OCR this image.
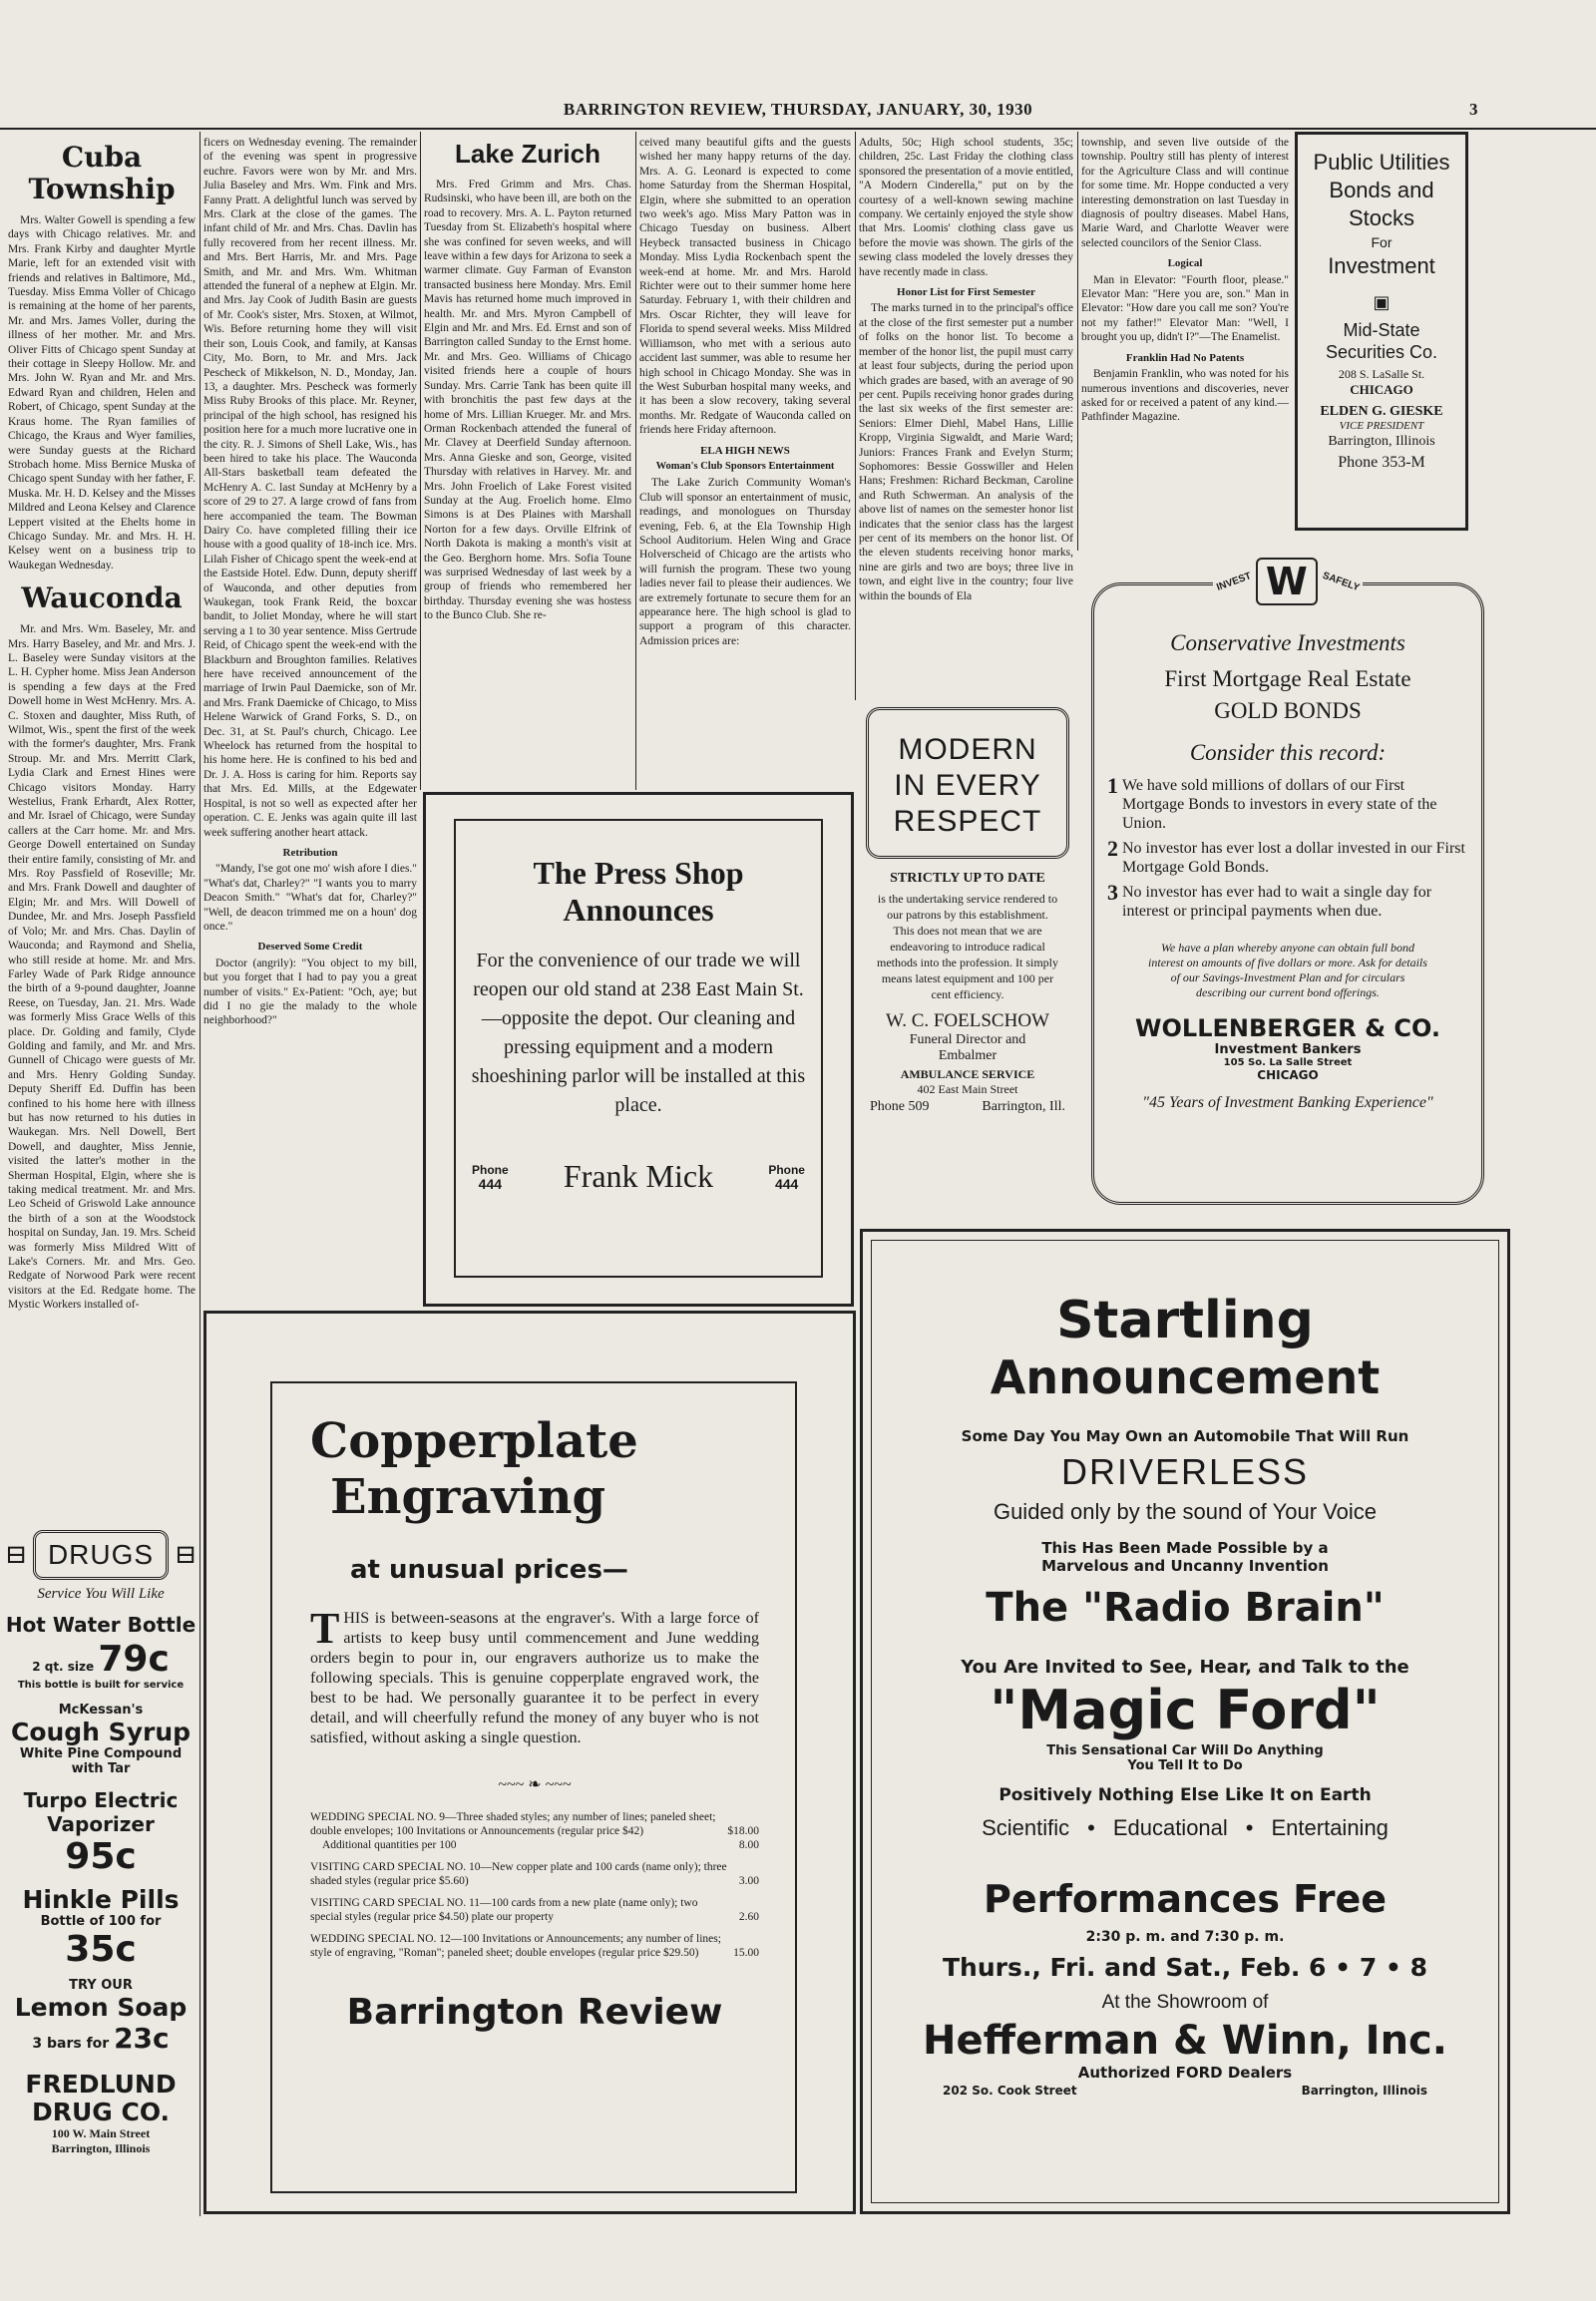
BARRINGTON REVIEW, THURSDAY, JANUARY, 30, 1930	3
Cuba Township

Mrs. Walter Gowell is spending a few days with Chicago relatives. Mr. and Mrs. Frank Kirby and daughter Myrtle Marie, left for an extended visit with friends and relatives in Baltimore, Md., Tuesday. Miss Emma Voller of Chicago is remaining at the home of her parents, Mr. and Mrs. James Voller, during the illness of her mother. Mr. and Mrs. Oliver Fitts of Chicago spent Sunday at their cottage in Sleepy Hollow. Mr. and Mrs. John W. Ryan and Mr. and Mrs. Edward Ryan and children, Helen and Robert, of Chicago, spent Sunday at the Kraus home. The Ryan families of Chicago, the Kraus and Wyer families, were Sunday guests at the Richard Strobach home. Miss Bernice Muska of Chicago spent Sunday with her father, F. Muska. Mr. H. D. Kelsey and the Misses Mildred and Leona Kelsey and Clarence Leppert visited at the Ehelts home in Chicago Sunday. Mr. and Mrs. H. H. Kelsey went on a business trip to Waukegan Wednesday.

Wauconda

Mr. and Mrs. Wm. Baseley, Mr. and Mrs. Harry Baseley, and Mr. and Mrs. J. L. Baseley were Sunday visitors at the L. H. Cypher home. Miss Jean Anderson is spending a few days at the Fred Dowell home in West McHenry. Mrs. A. C. Stoxen and daughter, Miss Ruth, of Wilmot, Wis., spent the first of the week with the former's daughter, Mrs. Frank Stroup. Mr. and Mrs. Merritt Clark, Lydia Clark and Ernest Hines were Chicago visitors Monday. Harry Westelius, Frank Erhardt, Alex Rotter, and Mr. Israel of Chicago, were Sunday callers at the Carr home. Mr. and Mrs. George Dowell entertained on Sunday their entire family, consisting of Mr. and Mrs. Roy Passfield of Roseville; Mr. and Mrs. Frank Dowell and daughter of Elgin; Mr. and Mrs. Will Dowell of Dundee, Mr. and Mrs. Joseph Passfield of Volo; Mr. and Mrs. Chas. Daylin of Wauconda; and Raymond and Shelia, who still reside at home. Mr. and Mrs. Farley Wade of Park Ridge announce the birth of a 9-pound daughter, Joanne Reese, on Tuesday, Jan. 21. Mrs. Wade was formerly Miss Grace Wells of this place. Dr. Golding and family, Clyde Golding and family, and Mr. and Mrs. Gunnell of Chicago were guests of Mr. and Mrs. Henry Golding Sunday. Deputy Sheriff Ed. Duffin has been confined to his home here with illness but has now returned to his duties in Waukegan. Mrs. Nell Dowell, Bert Dowell, and daughter, Miss Jennie, visited the latter's mother in the Sherman Hospital, Elgin, where she is taking medical treatment. Mr. and Mrs. Leo Scheid of Griswold Lake announce the birth of a son at the Woodstock hospital on Sunday, Jan. 19. Mrs. Scheid was formerly Miss Mildred Witt of Lake's Corners. Mr. and Mrs. Geo. Redgate of Norwood Park were recent visitors at the Ed. Redgate home. The Mystic Workers installed of-

⊟ DRUGS ⊟
Service You Will Like
Hot Water Bottle
2 qt. size 79c
This bottle is built for service
McKessan's
Cough Syrup
White Pine Compound with Tar
Turpo Electric Vaporizer
95c
Hinkle Pills
Bottle of 100 for
35c
TRY OUR
Lemon Soap
3 bars for 23c
FREDLUND DRUG CO.
100 W. Main Street
Barrington, Illinois

ficers on Wednesday evening. The remainder of the evening was spent in progressive euchre. Favors were won by Mr. and Mrs. Julia Baseley and Mrs. Wm. Fink and Mrs. Fanny Pratt. A delightful lunch was served by Mrs. Clark at the close of the games. The infant child of Mr. and Mrs. Chas. Davlin has fully recovered from her recent illness. Mr. and Mrs. Bert Harris, Mr. and Mrs. Page Smith, and Mr. and Mrs. Wm. Whitman attended the funeral of a nephew at Elgin. Mr. and Mrs. Jay Cook of Judith Basin are guests of Mr. Cook's sister, Mrs. Stoxen, at Wilmot, Wis. Before returning home they will visit their son, Louis Cook, and family, at Kansas City, Mo. Born, to Mr. and Mrs. Jack Pescheck of Mikkelson, N. D., Monday, Jan. 13, a daughter. Mrs. Pescheck was formerly Miss Ruby Brooks of this place. Mr. Reyner, principal of the high school, has resigned his position here for a much more lucrative one in the city. R. J. Simons of Shell Lake, Wis., has been hired to take his place. The Wauconda All-Stars basketball team defeated the McHenry A. C. last Sunday at McHenry by a score of 29 to 27. A large crowd of fans from here accompanied the team. The Bowman Dairy Co. have completed filling their ice house with a good quality of 18-inch ice. Mrs. Lilah Fisher of Chicago spent the week-end at the Eastside Hotel. Edw. Dunn, deputy sheriff of Wauconda, and other deputies from Waukegan, took Frank Reid, the boxcar bandit, to Joliet Monday, where he will start serving a 1 to 30 year sentence. Miss Gertrude Reid, of Chicago spent the week-end with the Blackburn and Broughton families. Relatives here have received announcement of the marriage of Irwin Paul Daemicke, son of Mr. and Mrs. Frank Daemicke of Chicago, to Miss Helene Warwick of Grand Forks, S. D., on Dec. 31, at St. Paul's church, Chicago. Lee Wheelock has returned from the hospital to his home here. He is confined to his bed and Dr. J. A. Hoss is caring for him. Reports say that Mrs. Ed. Mills, at the Edgewater Hospital, is not so well as expected after her operation. C. E. Jenks was again quite ill last week suffering another heart attack.

Retribution

"Mandy, I'se got one mo' wish afore I dies." "What's dat, Charley?" "I wants you to marry Deacon Smith." "What's dat for, Charley?" "Well, de deacon trimmed me on a houn' dog once."

Deserved Some Credit

Doctor (angrily): "You object to my bill, but you forget that I had to pay you a great number of visits." Ex-Patient: "Och, aye; but did I no gie the malady to the whole neighborhood?"

Lake Zurich

Mrs. Fred Grimm and Mrs. Chas. Rudsinski, who have been ill, are both on the road to recovery. Mrs. A. L. Payton returned Tuesday from St. Elizabeth's hospital where she was confined for seven weeks, and will leave within a few days for Arizona to seek a warmer climate. Guy Farman of Evanston transacted business here Monday. Mrs. Emil Mavis has returned home much improved in health. Mr. and Mrs. Myron Campbell of Elgin and Mr. and Mrs. Ed. Ernst and son of Barrington called Sunday to the Ernst home. Mr. and Mrs. Geo. Williams of Chicago visited friends here a couple of hours Sunday. Mrs. Carrie Tank has been quite ill with bronchitis the past few days at the home of Mrs. Lillian Krueger. Mr. and Mrs. Orman Rockenbach attended the funeral of Mr. Clavey at Deerfield Sunday afternoon. Mrs. Anna Gieske and son, George, visited Thursday with relatives in Harvey. Mr. and Mrs. John Froelich of Lake Forest visited Sunday at the Aug. Froelich home. Elmo Simons is at Des Plaines with Marshall Norton for a few days. Orville Elfrink of North Dakota is making a month's visit at the Geo. Berghorn home. Mrs. Sofia Toune was surprised Wednesday of last week by a group of friends who remembered her birthday. Thursday evening she was hostess to the Bunco Club. She re-

ceived many beautiful gifts and the guests wished her many happy returns of the day. Mrs. A. G. Leonard is expected to come home Saturday from the Sherman Hospital, Elgin, where she submitted to an operation two week's ago. Miss Mary Patton was in Chicago Tuesday on business. Albert Heybeck transacted business in Chicago Monday. Miss Lydia Rockenbach spent the week-end at home. Mr. and Mrs. Harold Richter were out to their summer home here Saturday. February 1, with their children and Mrs. Oscar Richter, they will leave for Florida to spend several weeks. Miss Mildred Williamson, who met with a serious auto accident last summer, was able to resume her high school in Chicago Monday. She was in the West Suburban hospital many weeks, and it has been a slow recovery, taking several months. Mr. Redgate of Wauconda called on friends here Friday afternoon.

ELA HIGH NEWS
Woman's Club Sponsors Entertainment

The Lake Zurich Community Woman's Club will sponsor an entertainment of music, readings, and monologues on Thursday evening, Feb. 6, at the Ela Township High School Auditorium. Helen Wing and Grace Holverscheid of Chicago are the artists who will furnish the program. These two young ladies never fail to please their audiences. We are extremely fortunate to secure them for an appearance here. The high school is glad to support a program of this character. Admission prices are:

Adults, 50c; High school students, 35c; children, 25c. Last Friday the clothing class sponsored the presentation of a movie entitled, "A Modern Cinderella," put on by the courtesy of a well-known sewing machine company. We certainly enjoyed the style show that Mrs. Loomis' clothing class gave us before the movie was shown. The girls of the sewing class modeled the lovely dresses they have recently made in class.

Honor List for First Semester

The marks turned in to the principal's office at the close of the first semester put a number of folks on the honor list. To become a member of the honor list, the pupil must carry at least four subjects, during the period upon which grades are based, with an average of 90 per cent. Pupils receiving honor grades during the last six weeks of the first semester are: Seniors: Elmer Diehl, Mabel Hans, Lillie Kropp, Virginia Sigwaldt, and Marie Ward; Juniors: Frances Frank and Evelyn Sturm; Sophomores: Bessie Gosswiller and Helen Hans; Freshmen: Richard Beckman, Caroline and Ruth Schwerman. An analysis of the above list of names on the semester honor list indicates that the senior class has the largest per cent of its members on the honor list. Of the eleven students receiving honor marks, nine are girls and two are boys; three live in town, and eight live in the country; four live within the bounds of Ela

township, and seven live outside of the township. Poultry still has plenty of interest for the Agriculture Class and will continue for some time. Mr. Hoppe conducted a very interesting demonstration on last Tuesday in diagnosis of poultry diseases. Mabel Hans, Marie Ward, and Charlotte Weaver were selected councilors of the Senior Class.

Logical

Man in Elevator: "Fourth floor, please." Elevator Man: "Here you are, son." Man in Elevator: "How dare you call me son? You're not my father!" Elevator Man: "Well, I brought you up, didn't I?"—The Enamelist.

Franklin Had No Patents

Benjamin Franklin, who was noted for his numerous inventions and discoveries, never asked for or received a patent of any kind.—Pathfinder Magazine.

Public Utilities
Bonds and
Stocks
For
Investment
▣
Mid-State Securities Co.
208 S. LaSalle St.
CHICAGO
ELDEN G. GIESKE
VICE PRESIDENT
Barrington, Illinois
Phone 353-M
INVEST W	SAFELY
Conservative Investments
First Mortgage Real Estate
GOLD BONDS
Consider this record:
1 We have sold millions of dollars of our First Mortgage Bonds to investors in every state of the Union.
2 No investor has ever lost a dollar invested in our First Mortgage Gold Bonds.
3 No investor has ever had to wait a single day for interest or principal payments when due.
We have a plan whereby anyone can obtain full bond interest on amounts of five dollars or more. Ask for details of our Savings-Investment Plan and for circulars describing our current bond offerings.
WOLLENBERGER & CO.
Investment Bankers
105 So. La Salle Street
CHICAGO
"45 Years of Investment Banking Experience"
MODERN
IN EVERY
RESPECT
STRICTLY UP TO DATE
is the undertaking service rendered to our patrons by this establishment. This does not mean that we are endeavoring to introduce radical methods into the profession. It simply means latest equipment and 100 per cent efficiency.
W. C. FOELSCHOW
Funeral Director and
Embalmer
AMBULANCE SERVICE
402 East Main Street
Phone 509	Barrington, Ill.
The Press Shop
Announces
For the convenience of our trade we will reopen our old stand at 238 East Main St. —opposite the depot. Our cleaning and pressing equipment and a modern shoeshining parlor will be installed at this place.
Phone
444 Frank Mick	Phone
444
Copperplate
Engraving
at unusual prices—
THIS is between-seasons at the engraver's. With a large force of artists to keep busy until commencement and June wedding orders begin to pour in, our engravers authorize us to make the following specials. This is genuine copperplate engraved work, the best to be had. We personally guarantee it to be perfect in every detail, and will cheerfully refund the money of any buyer who is not satisfied, without asking a single question.
~~~ ❧ ~~~
WEDDING SPECIAL NO. 9—Three shaded styles; any number of lines; paneled sheet; double envelopes; 100 Invitations or Announcements (regular price $42)	$18.00
Additional quantities per 100	8.00
VISITING CARD SPECIAL NO. 10—New copper plate and 100 cards (name only); three shaded styles (regular price $5.60)	3.00
VISITING CARD SPECIAL NO. 11—100 cards from a new plate (name only); two special styles (regular price $4.50) plate our property	2.60
WEDDING SPECIAL NO. 12—100 Invitations or Announcements; any number of lines; style of engraving, "Roman"; paneled sheet; double envelopes (regular price $29.50)	15.00
Barrington Review
Startling
Announcement
Some Day You May Own an Automobile That Will Run
DRIVERLESS
Guided only by the sound of Your Voice
This Has Been Made Possible by a
Marvelous and Uncanny Invention
The "Radio Brain"
You Are Invited to See, Hear, and Talk to the
"Magic Ford"
This Sensational Car Will Do Anything
You Tell It to Do
Positively Nothing Else Like It on Earth
Scientific • Educational • Entertaining
Performances Free
2:30 p. m. and 7:30 p. m.
Thurs., Fri. and Sat., Feb. 6 • 7 • 8
At the Showroom of
Hefferman & Winn, Inc.
Authorized FORD Dealers
202 So. Cook Street	Barrington, Illinois
